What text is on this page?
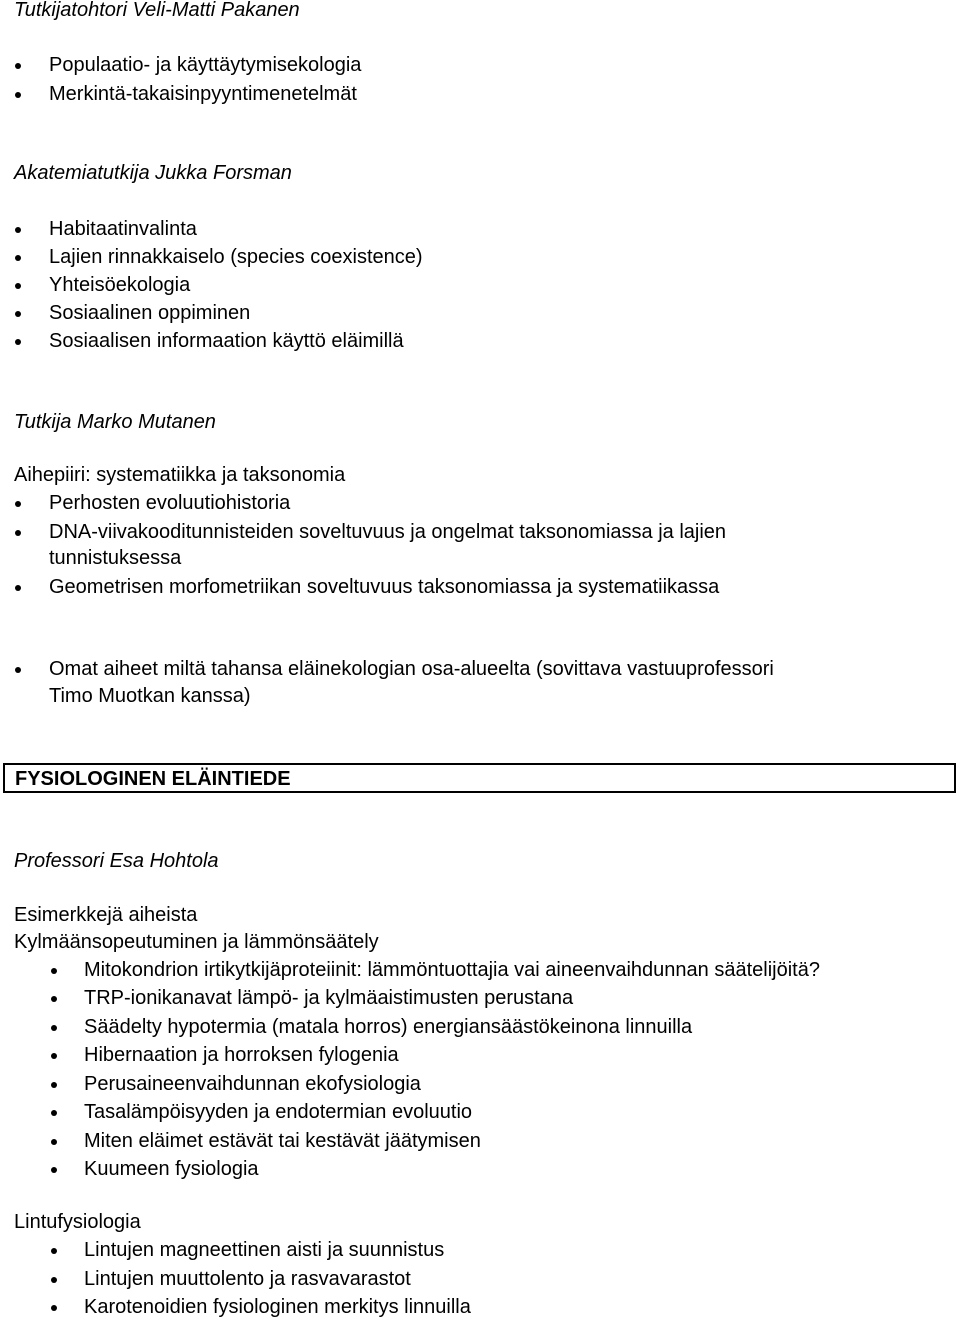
Tutkijatohtori Veli-Matti Pakanen
Populaatio- ja käyttäytymisekologia
Merkintä-takaisinpyyntimenetelmät
Akatemiatutkija Jukka Forsman
Habitaatinvalinta
Lajien rinnakkaiselo (species coexistence)
Yhteisöekologia
Sosiaalinen oppiminen
Sosiaalisen informaation käyttö eläimillä
Tutkija Marko Mutanen
Aihepiiri: systematiikka ja taksonomia
Perhosten evoluutiohistoria
DNA-viivakooditunnisteiden soveltuvuus ja ongelmat taksonomiassa ja lajien
tunnistuksessa
Geometrisen morfometriikan soveltuvuus taksonomiassa ja systematiikassa
Omat aiheet miltä tahansa eläinekologian osa-alueelta (sovittava vastuuprofessori
Timo Muotkan kanssa)
FYSIOLOGINEN ELÄINTIEDE
Professori Esa Hohtola
Esimerkkejä aiheista
Kylmäänsopeutuminen ja lämmönsäätely
Mitokondrion irtikytkijäproteiinit: lämmöntuottajia vai aineenvaihdunnan säätelijöitä?
TRP-ionikanavat lämpö- ja kylmäaistimusten perustana
Säädelty hypotermia (matala horros) energiansäästökeinona linnuilla
Hibernaation ja horroksen fylogenia
Perusaineenvaihdunnan ekofysiologia
Tasalämpöisyyden ja endotermian evoluutio
Miten eläimet estävät tai kestävät jäätymisen
Kuumeen fysiologia
Lintufysiologia
Lintujen magneettinen aisti ja suunnistus
Lintujen muuttolento ja rasvavarastot
Karotenoidien fysiologinen merkitys linnuilla
